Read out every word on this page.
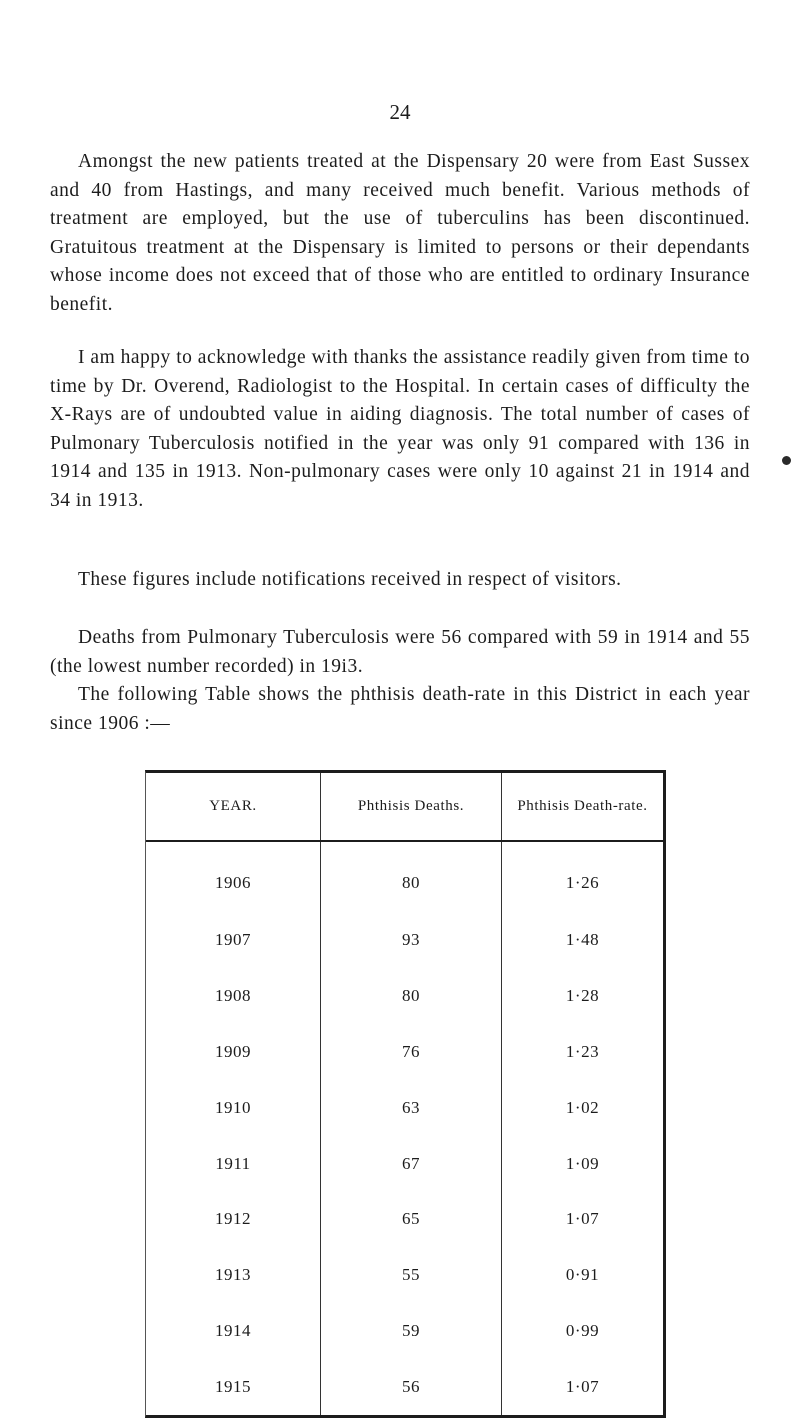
24

Amongst the new patients treated at the Dispensary 20 were from East Sussex and 40 from Hastings, and many received much benefit. Various methods of treatment are employed, but the use of tuberculins has been discontinued. Gratuitous treatment at the Dispensary is limited to persons or their dependants whose income does not exceed that of those who are entitled to ordinary Insurance benefit.

I am happy to acknowledge with thanks the assistance readily given from time to time by Dr. Overend, Radiologist to the Hospital. In certain cases of difficulty the X-Rays are of undoubted value in aiding diagnosis. The total number of cases of Pulmonary Tuberculosis notified in the year was only 91 compared with 136 in 1914 and 135 in 1913. Non-pulmonary cases were only 10 against 21 in 1914 and 34 in 1913.

These figures include notifications received in respect of visitors.

Deaths from Pulmonary Tuberculosis were 56 compared with 59 in 1914 and 55 (the lowest number recorded) in 19i3.

The following Table shows the phthisis death-rate in this District in each year since 1906 :—

YEAR.	Phthisis Deaths.	Phthisis Death-rate.
1906	80	1·26
1907	93	1·48
1908	80	1·28
1909	76	1·23
1910	63	1·02
1911	67	1·09
1912	65	1·07
1913	55	0·91
1914	59	0·99
1915	56	1·07
